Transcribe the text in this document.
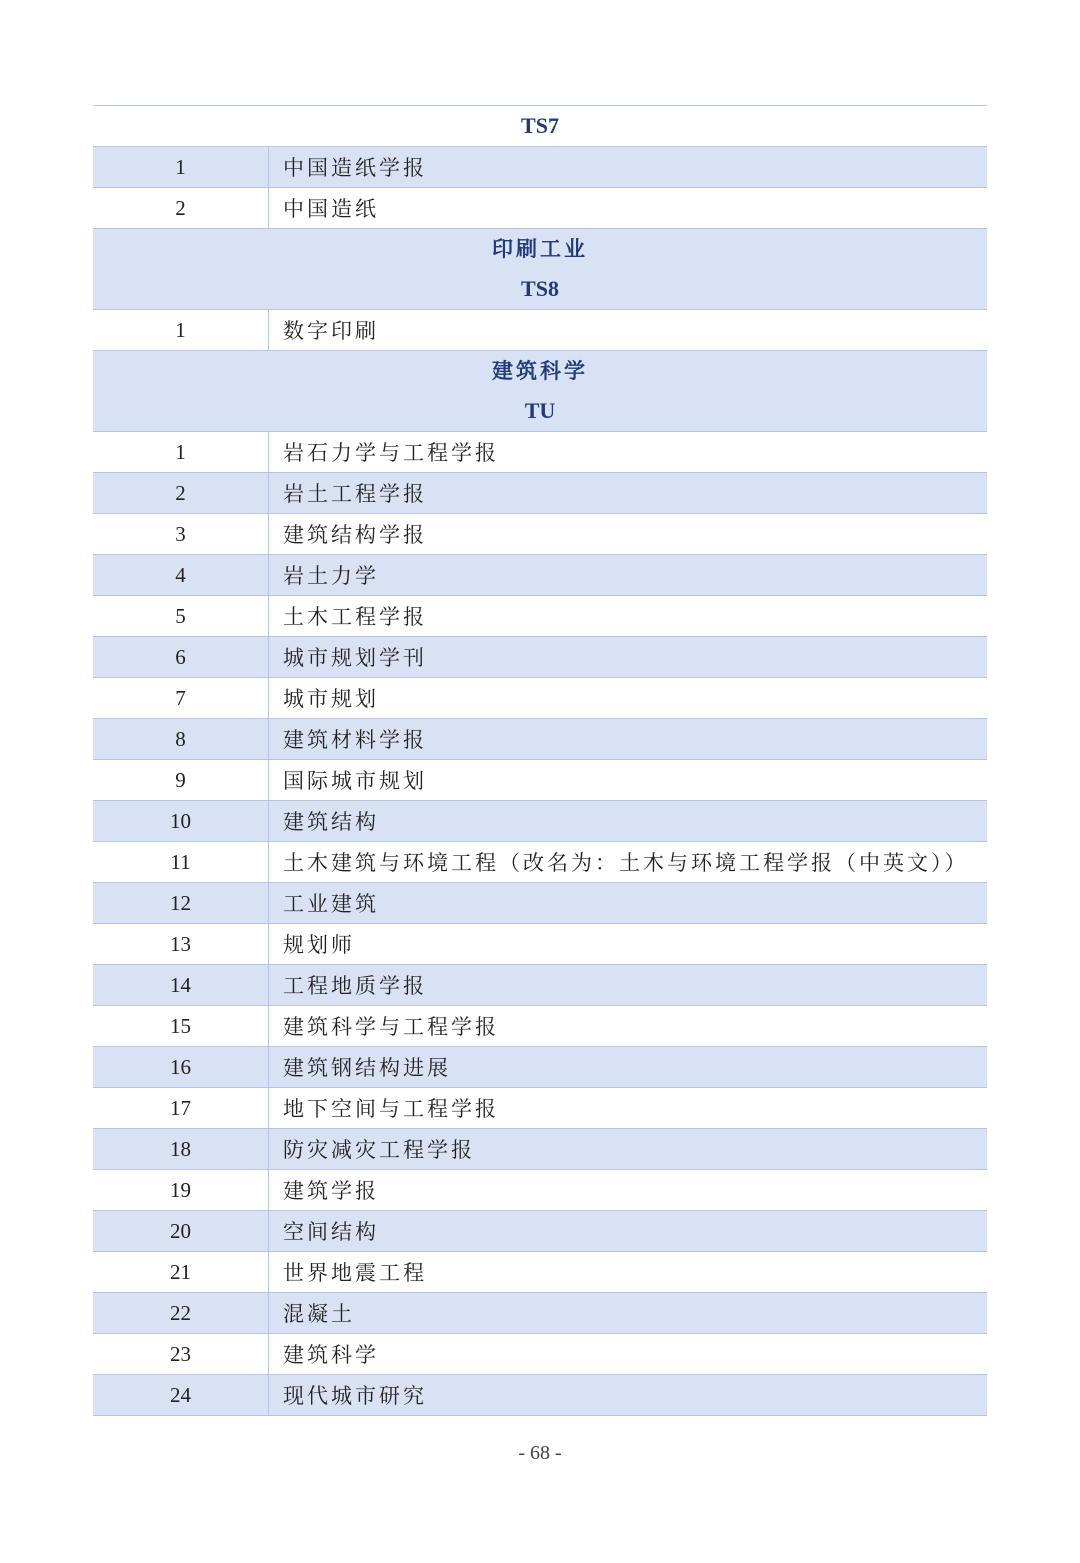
TS7	

1	中国造纸学报
2	中国造纸

印刷工业
TS8	

1	数字印刷

建筑科学
TU	

1	岩石力学与工程学报
2	岩土工程学报
3	建筑结构学报
4	岩土力学
5	土木工程学报
6	城市规划学刊
7	城市规划
8	建筑材料学报
9	国际城市规划
10	建筑结构
11	土木建筑与环境工程（改名为：土木与环境工程学报（中英文））
12	工业建筑
13	规划师
14	工程地质学报
15	建筑科学与工程学报
16	建筑钢结构进展
17	地下空间与工程学报
18	防灾减灾工程学报
19	建筑学报
20	空间结构
21	世界地震工程
22	混凝土
23	建筑科学
24	现代城市研究
- 68 -
